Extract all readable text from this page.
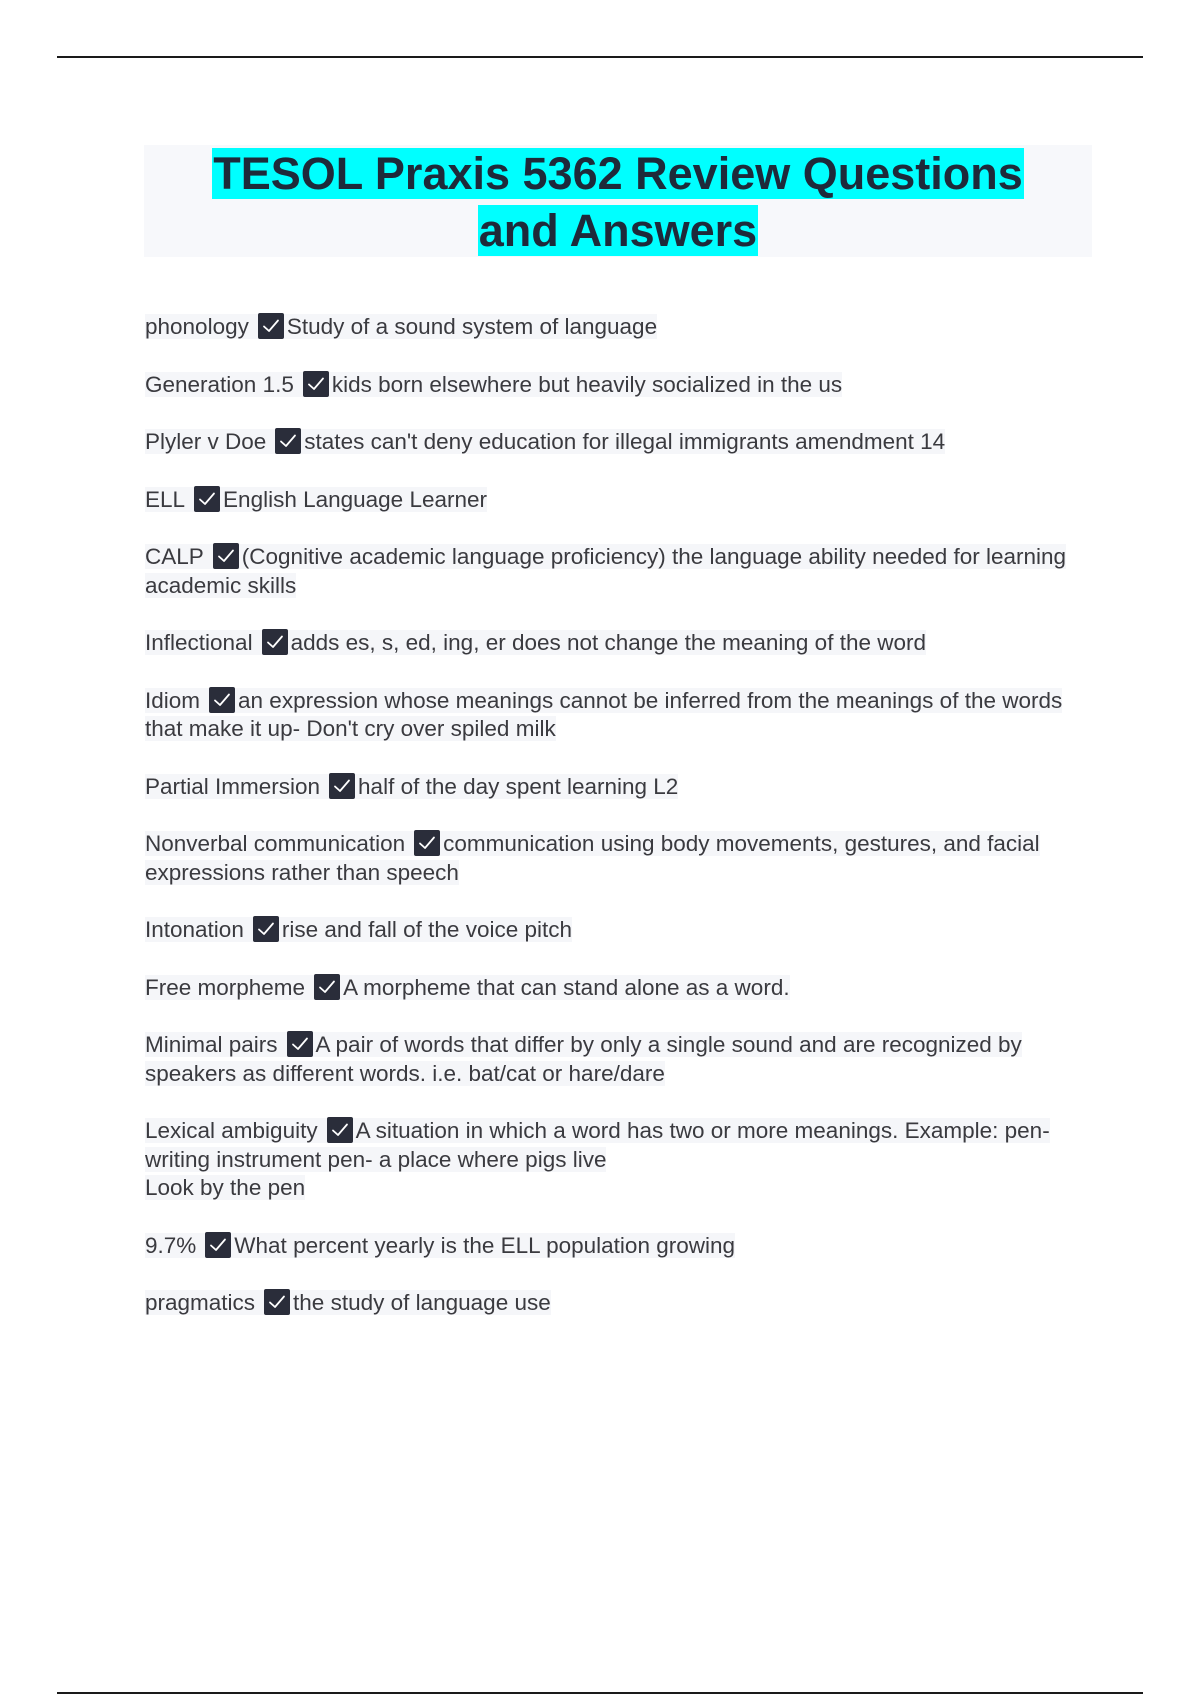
TESOL Praxis 5362 Review Questions
and Answers
phonology Study of a sound system of language
Generation 1.5 kids born elsewhere but heavily socialized in the us
Plyler v Doe states can't deny education for illegal immigrants amendment 14
ELL English Language Learner
CALP (Cognitive academic language proficiency) the language ability needed for learning academic skills
Inflectional adds es, s, ed, ing, er does not change the meaning of the word
Idiom an expression whose meanings cannot be inferred from the meanings of the words that make it up- Don't cry over spiled milk
Partial Immersion half of the day spent learning L2
Nonverbal communication communication using body movements, gestures, and facial expressions rather than speech
Intonation rise and fall of the voice pitch
Free morpheme A morpheme that can stand alone as a word.
Minimal pairs A pair of words that differ by only a single sound and are recognized by speakers as different words. i.e. bat/cat or hare/dare
Lexical ambiguity A situation in which a word has two or more meanings. Example: pen-writing instrument pen- a place where pigs live
Look by the pen
9.7% What percent yearly is the ELL population growing
pragmatics the study of language use
